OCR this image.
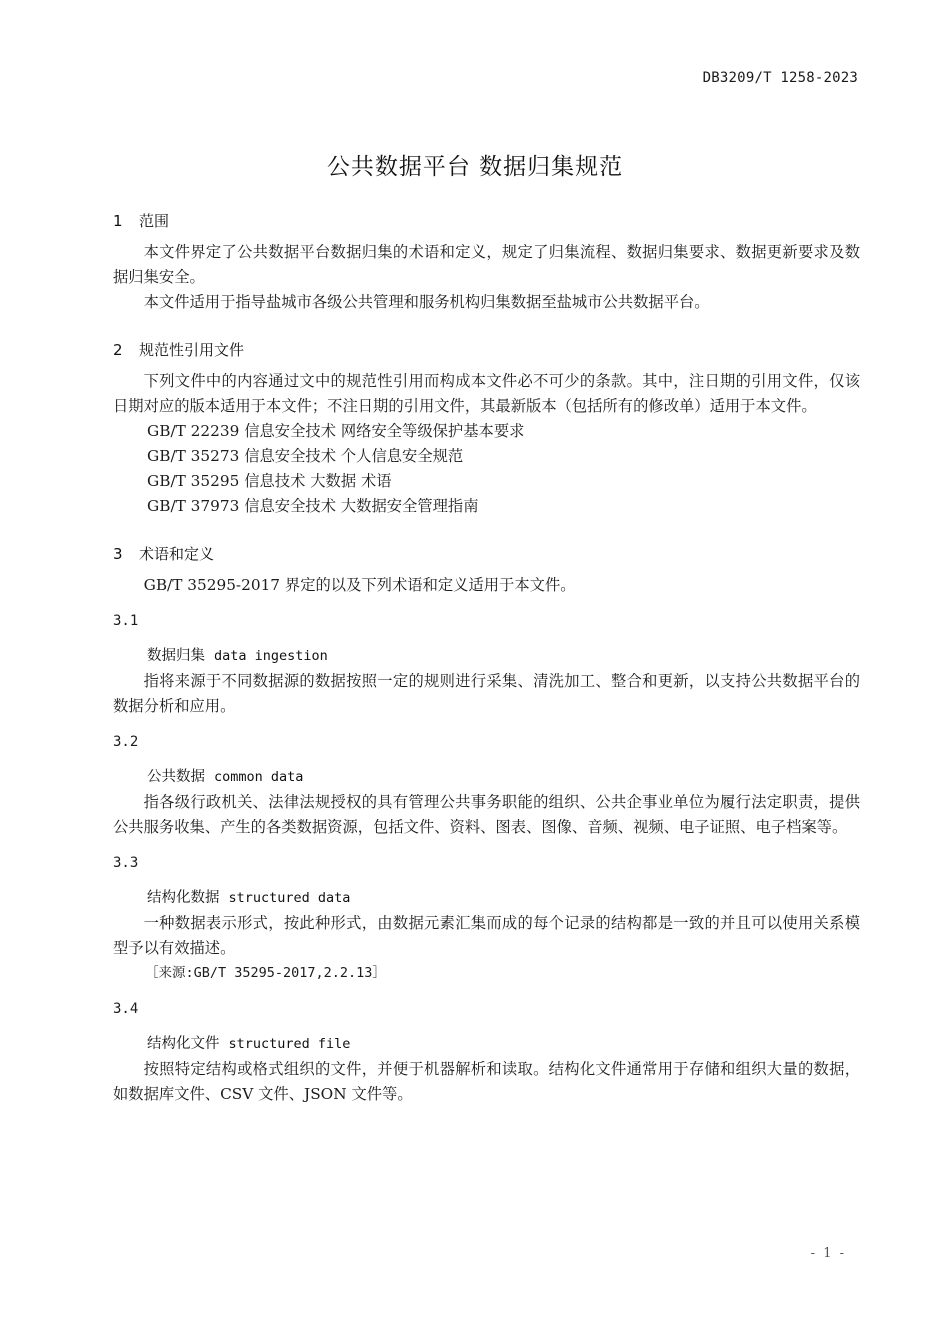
DB3209/T 1258-2023
公共数据平台 数据归集规范
1	范围

本文件界定了公共数据平台数据归集的术语和定义，规定了归集流程、数据归集要求、数据更新要求及数据归集安全。

本文件适用于指导盐城市各级公共管理和服务机构归集数据至盐城市公共数据平台。

2	规范性引用文件

下列文件中的内容通过文中的规范性引用而构成本文件必不可少的条款。其中，注日期的引用文件，仅该日期对应的版本适用于本文件；不注日期的引用文件，其最新版本（包括所有的修改单）适用于本文件。

GB/T 22239 信息安全技术 网络安全等级保护基本要求
GB/T 35273 信息安全技术 个人信息安全规范
GB/T 35295 信息技术 大数据 术语
GB/T 37973 信息安全技术 大数据安全管理指南
3	术语和定义

GB/T 35295-2017 界定的以及下列术语和定义适用于本文件。

3.1
数据归集 data ingestion

指将来源于不同数据源的数据按照一定的规则进行采集、清洗加工、整合和更新，以支持公共数据平台的数据分析和应用。

3.2
公共数据 common data

指各级行政机关、法律法规授权的具有管理公共事务职能的组织、公共企事业单位为履行法定职责，提供公共服务收集、产生的各类数据资源，包括文件、资料、图表、图像、音频、视频、电子证照、电子档案等。

3.3
结构化数据 structured data

一种数据表示形式，按此种形式，由数据元素汇集而成的每个记录的结构都是一致的并且可以使用关系模型予以有效描述。

［来源:GB/T 35295-2017,2.2.13］
3.4
结构化文件 structured file

按照特定结构或格式组织的文件，并便于机器解析和读取。结构化文件通常用于存储和组织大量的数据，如数据库文件、CSV 文件、JSON 文件等。

- 1 -
